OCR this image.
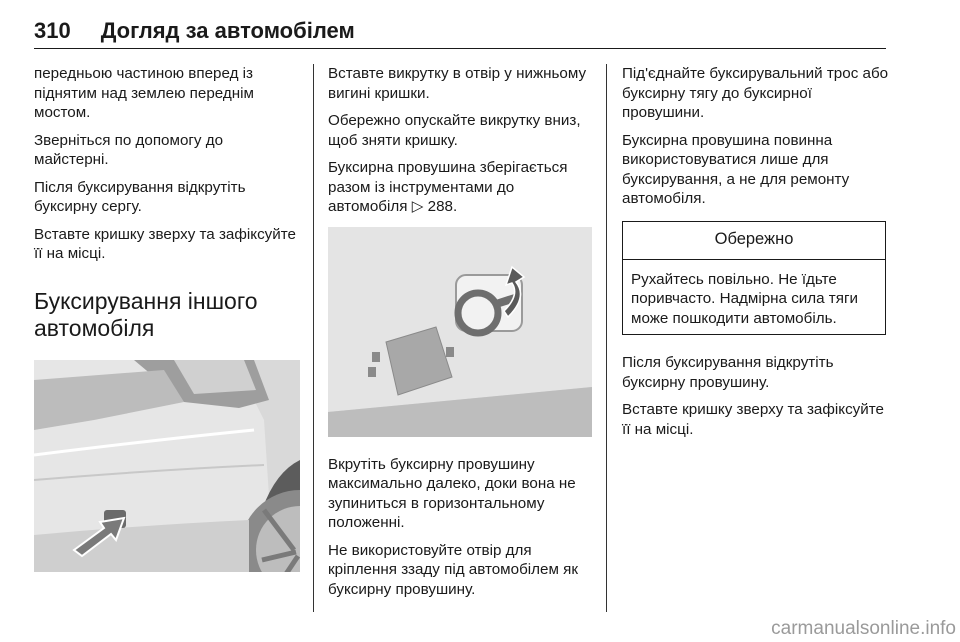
310 Догляд за автомобілем

передньою частиною вперед із піднятим над землею переднім мостом.

Зверніться по допомогу до майстерні.

Після буксирування відкрутіть буксирну сергу.

Вставте кришку зверху та зафіксуйте її на місці.

Буксирування іншого автомобіля

Вставте викрутку в отвір у нижньому вигині кришки.

Обережно опускайте викрутку вниз, щоб зняти кришку.

Буксирна провушина зберігається разом із інструментами до автомобіля ▷ 288.

Вкрутіть буксирну провушину максимально далеко, доки вона не зупиниться в горизонтальному положенні.

Не використовуйте отвір для кріплення ззаду під автомобілем як буксирну провушину.

Під'єднайте буксирувальний трос або буксирну тягу до буксирної провушини.

Буксирна провушина повинна використовуватися лише для буксирування, а не для ремонту автомобіля.

Обережно
Рухайтесь повільно. Не їдьте поривчасто. Надмірна сила тяги може пошкодити автомобіль.

Після буксирування відкрутіть буксирну провушину.

Вставте кришку зверху та зафіксуйте її на місці.

carmanualsonline.info
